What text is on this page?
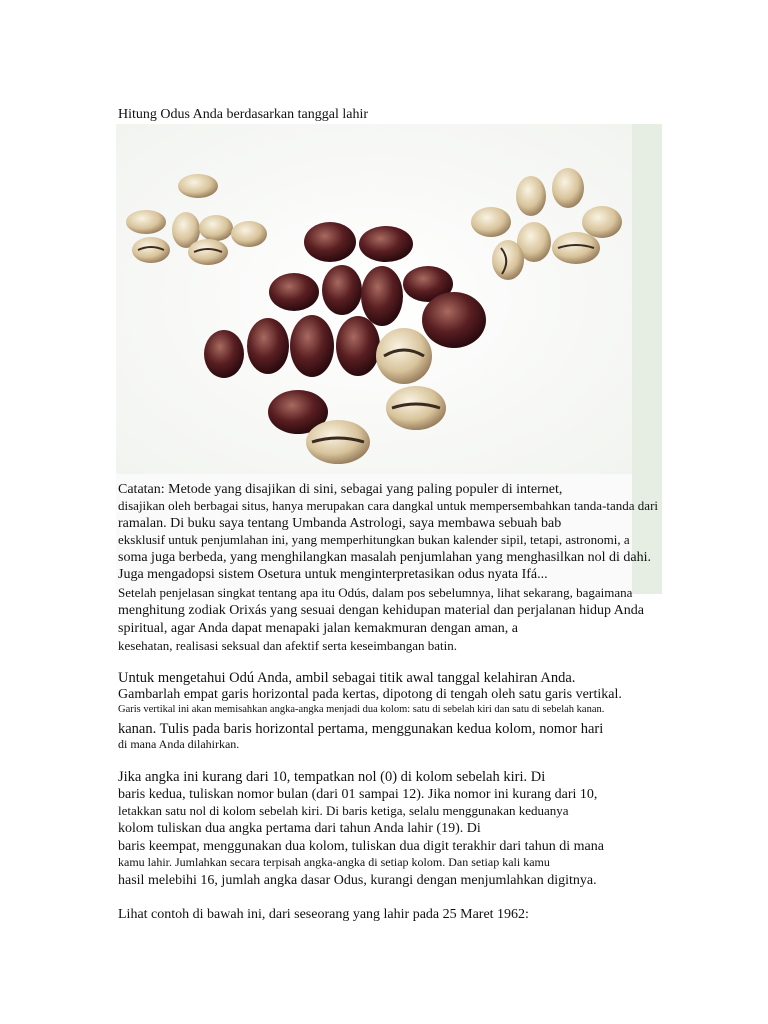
Hitung Odus Anda berdasarkan tanggal lahir
Catatan: Metode yang disajikan di sini, sebagai yang paling populer di internet,
disajikan oleh berbagai situs, hanya merupakan cara dangkal untuk mempersembahkan tanda-tanda dari
ramalan. Di buku saya tentang Umbanda Astrologi, saya membawa sebuah bab
eksklusif untuk penjumlahan ini, yang memperhitungkan bukan kalender sipil, tetapi, astronomi, a
soma juga berbeda, yang menghilangkan masalah penjumlahan yang menghasilkan nol di dahi.
Juga mengadopsi sistem Osetura untuk menginterpretasikan odus nyata Ifá...
Setelah penjelasan singkat tentang apa itu Odús, dalam pos sebelumnya, lihat sekarang, bagaimana
menghitung zodiak Orixás yang sesuai dengan kehidupan material dan perjalanan hidup Anda
spiritual, agar Anda dapat menapaki jalan kemakmuran dengan aman, a
kesehatan, realisasi seksual dan afektif serta keseimbangan batin.
Untuk mengetahui Odú Anda, ambil sebagai titik awal tanggal kelahiran Anda.
Gambarlah empat garis horizontal pada kertas, dipotong di tengah oleh satu garis vertikal.
Garis vertikal ini akan memisahkan angka-angka menjadi dua kolom: satu di sebelah kiri dan satu di sebelah kanan.
kanan. Tulis pada baris horizontal pertama, menggunakan kedua kolom, nomor hari
di mana Anda dilahirkan.
Jika angka ini kurang dari 10, tempatkan nol (0) di kolom sebelah kiri. Di
baris kedua, tuliskan nomor bulan (dari 01 sampai 12). Jika nomor ini kurang dari 10,
letakkan satu nol di kolom sebelah kiri. Di baris ketiga, selalu menggunakan keduanya
kolom tuliskan dua angka pertama dari tahun Anda lahir (19). Di
baris keempat, menggunakan dua kolom, tuliskan dua digit terakhir dari tahun di mana
kamu lahir. Jumlahkan secara terpisah angka-angka di setiap kolom. Dan setiap kali kamu
hasil melebihi 16, jumlah angka dasar Odus, kurangi dengan menjumlahkan digitnya.
Lihat contoh di bawah ini, dari seseorang yang lahir pada 25 Maret 1962:
